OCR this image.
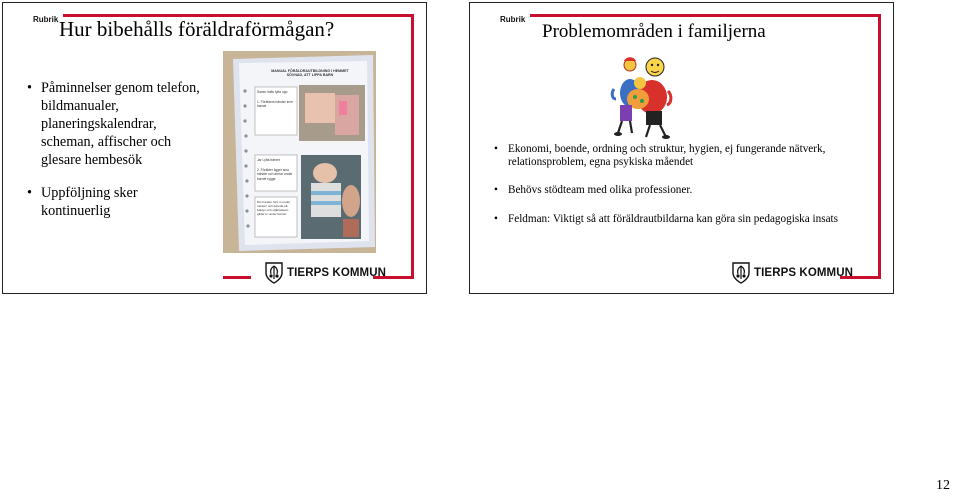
Rubrik Hur bibehålls föräldraförmågan?
• Påminnelser genom telefon, bildmanualer, planeringskalendrar, scheman, affischer och glesare hembesök
• Uppföljning sker kontinuerlig
MANUAL FÖRÄLDRAUTBILDNING I HEMMET
SÖVNAD, ATT LIPPA BARN
Saxen halls lyfta upp
1. Förälders händer inne barnet
Jar Lyfta barnet
2. Förälder ligger sina händer och armar under barnet rygge.
Din hander förs in under nacken och baredit på baklyx och stjärtaskam glider in under barnet.
TIERPS KOMMUN
Rubrik
Problemområden i familjerna
• Ekonomi, boende, ordning och struktur, hygien, ej fungerande nätverk, relationsproblem, egna psykiska måendet
• Behövs stödteam med olika professioner.
• Feldman: Viktigt så att föräldrautbildarna kan göra sin pedagogiska insats
TIERPS KOMMUN
12
